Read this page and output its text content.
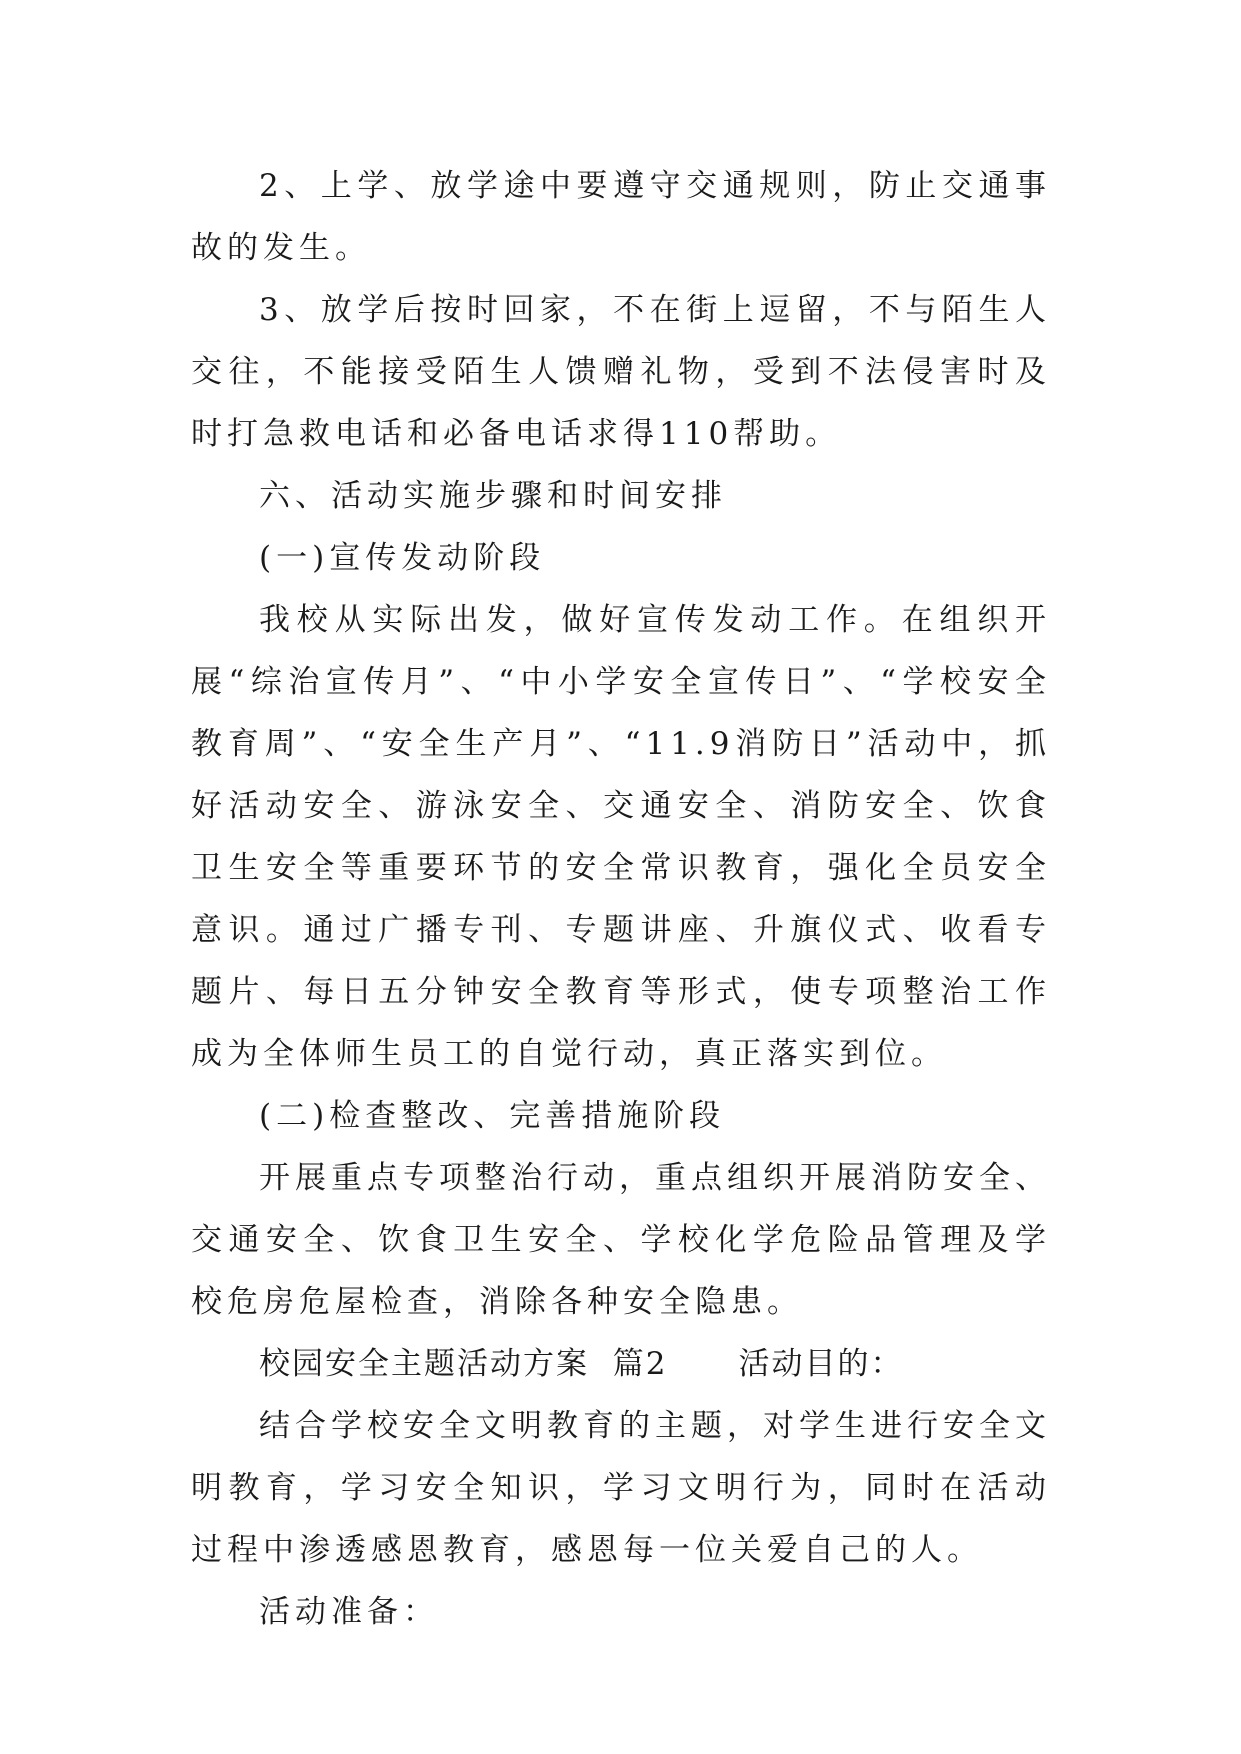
2、上学、放学途中要遵守交通规则，防止交通事故的发生。

3、放学后按时回家，不在街上逗留，不与陌生人交往，不能接受陌生人馈赠礼物，受到不法侵害时及时打急救电话和必备电话求得110帮助。

六、活动实施步骤和时间安排

(一)宣传发动阶段

我校从实际出发，做好宣传发动工作。在组织开展“综治宣传月”、“中小学安全宣传日”、“学校安全教育周”、“安全生产月”、“11.9消防日”活动中，抓好活动安全、游泳安全、交通安全、消防安全、饮食卫生安全等重要环节的安全常识教育，强化全员安全意识。通过广播专刊、专题讲座、升旗仪式、收看专题片、每日五分钟安全教育等形式，使专项整治工作成为全体师生员工的自觉行动，真正落实到位。

(二)检查整改、完善措施阶段

开展重点专项整治行动，重点组织开展消防安全、交通安全、饮食卫生安全、学校化学危险品管理及学校危房危屋检查，消除各种安全隐患。

校园安全主题活动方案  篇2      活动目的：

结合学校安全文明教育的主题，对学生进行安全文明教育，学习安全知识，学习文明行为，同时在活动过程中渗透感恩教育，感恩每一位关爱自己的人。

活动准备：
